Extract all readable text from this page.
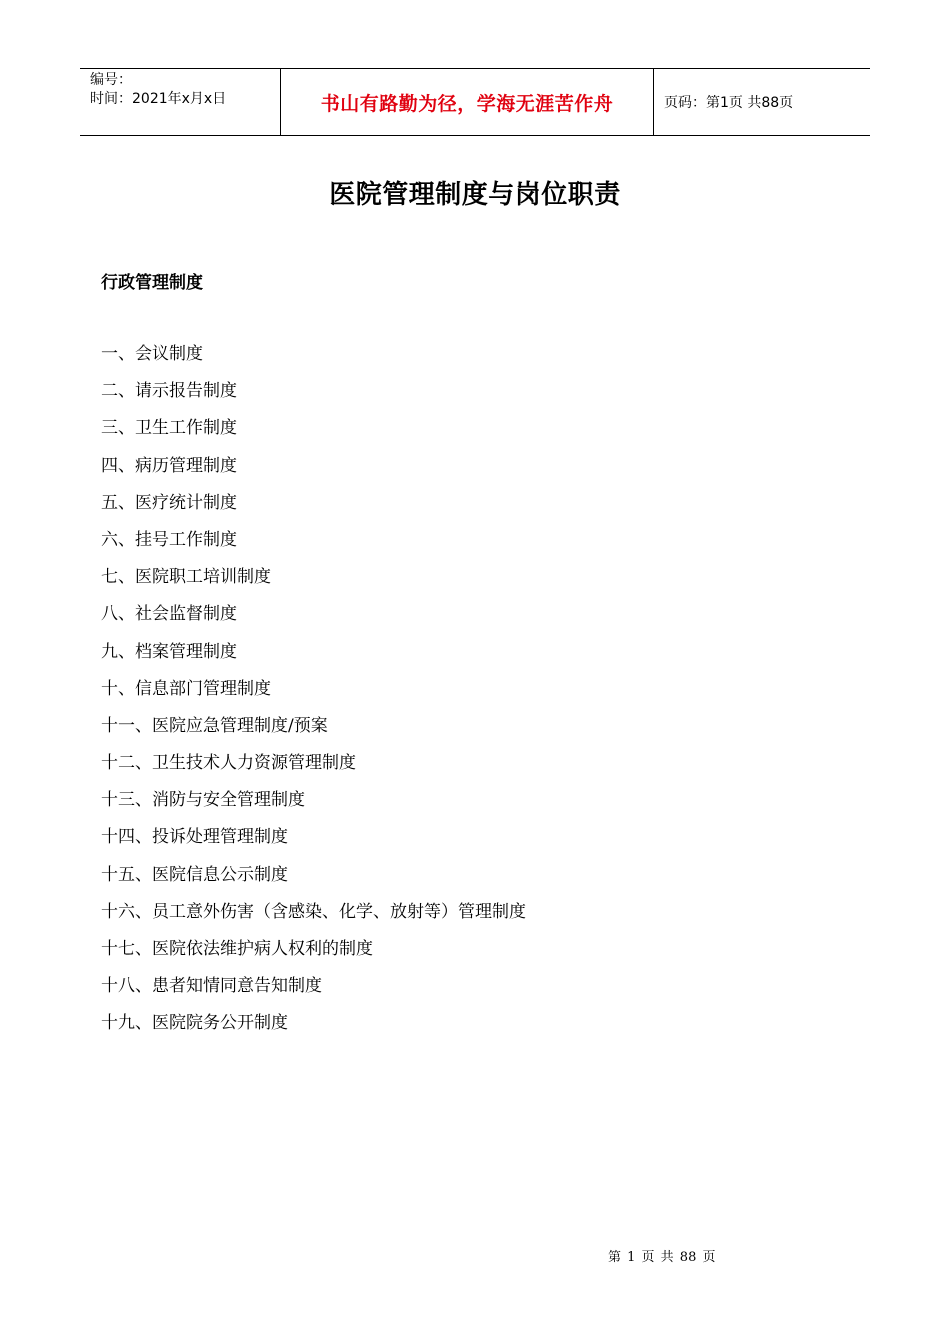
编号：
时间：2021年x月x日	书山有路勤为径，学海无涯苦作舟	页码：第1页 共88页
医院管理制度与岗位职责
行政管理制度
一、会议制度
二、请示报告制度
三、卫生工作制度
四、病历管理制度
五、医疗统计制度
六、挂号工作制度
七、医院职工培训制度
八、社会监督制度
九、档案管理制度
十、信息部门管理制度
十一、医院应急管理制度/预案
十二、卫生技术人力资源管理制度
十三、消防与安全管理制度
十四、投诉处理管理制度
十五、医院信息公示制度
十六、员工意外伤害（含感染、化学、放射等）管理制度
十七、医院依法维护病人权利的制度
十八、患者知情同意告知制度
十九、医院院务公开制度
第 1 页 共 88 页
